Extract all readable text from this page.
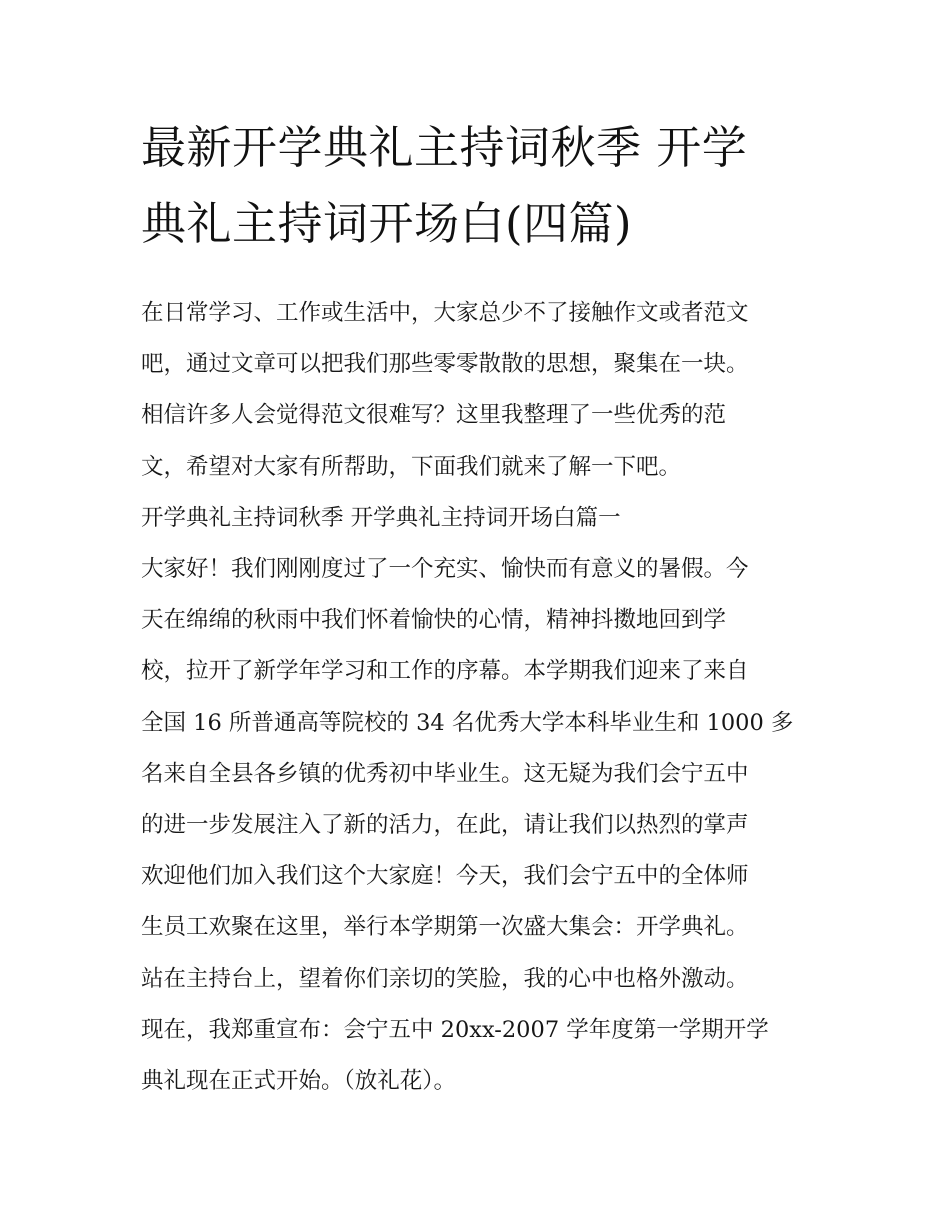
最新开学典礼主持词秋季 开学
典礼主持词开场白(四篇)
在日常学习、工作或生活中，大家总少不了接触作文或者范文
吧，通过文章可以把我们那些零零散散的思想，聚集在一块。
相信许多人会觉得范文很难写？这里我整理了一些优秀的范
文，希望对大家有所帮助，下面我们就来了解一下吧。
开学典礼主持词秋季 开学典礼主持词开场白篇一
大家好！我们刚刚度过了一个充实、愉快而有意义的暑假。今
天在绵绵的秋雨中我们怀着愉快的心情，精神抖擞地回到学
校，拉开了新学年学习和工作的序幕。本学期我们迎来了来自
全国 16 所普通高等院校的 34 名优秀大学本科毕业生和 1000 多
名来自全县各乡镇的优秀初中毕业生。这无疑为我们会宁五中
的进一步发展注入了新的活力，在此，请让我们以热烈的掌声
欢迎他们加入我们这个大家庭！今天，我们会宁五中的全体师
生员工欢聚在这里，举行本学期第一次盛大集会：开学典礼。
站在主持台上，望着你们亲切的笑脸，我的心中也格外激动。
现在，我郑重宣布：会宁五中 20xx-2007 学年度第一学期开学
典礼现在正式开始。（放礼花）。
